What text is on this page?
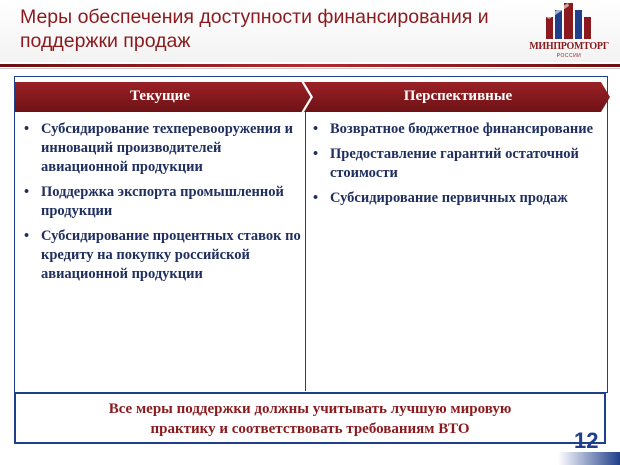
Меры обеспечения доступности финансирования и поддержки продаж	МИНПРОМТОРГ
РОССИИ
Текущие	Перспективные
• Субсидирование техперевооружения и инноваций производителей авиационной продукции
• Поддержка экспорта промышленной продукции
• Субсидирование процентных ставок по кредиту на покупку российской авиационной продукции
• Возвратное бюджетное финансирование
• Предоставление гарантий остаточной стоимости
• Субсидирование первичных продаж
Все меры поддержки должны учитывать лучшую мировую
практику и соответствовать требованиям ВТО	12
